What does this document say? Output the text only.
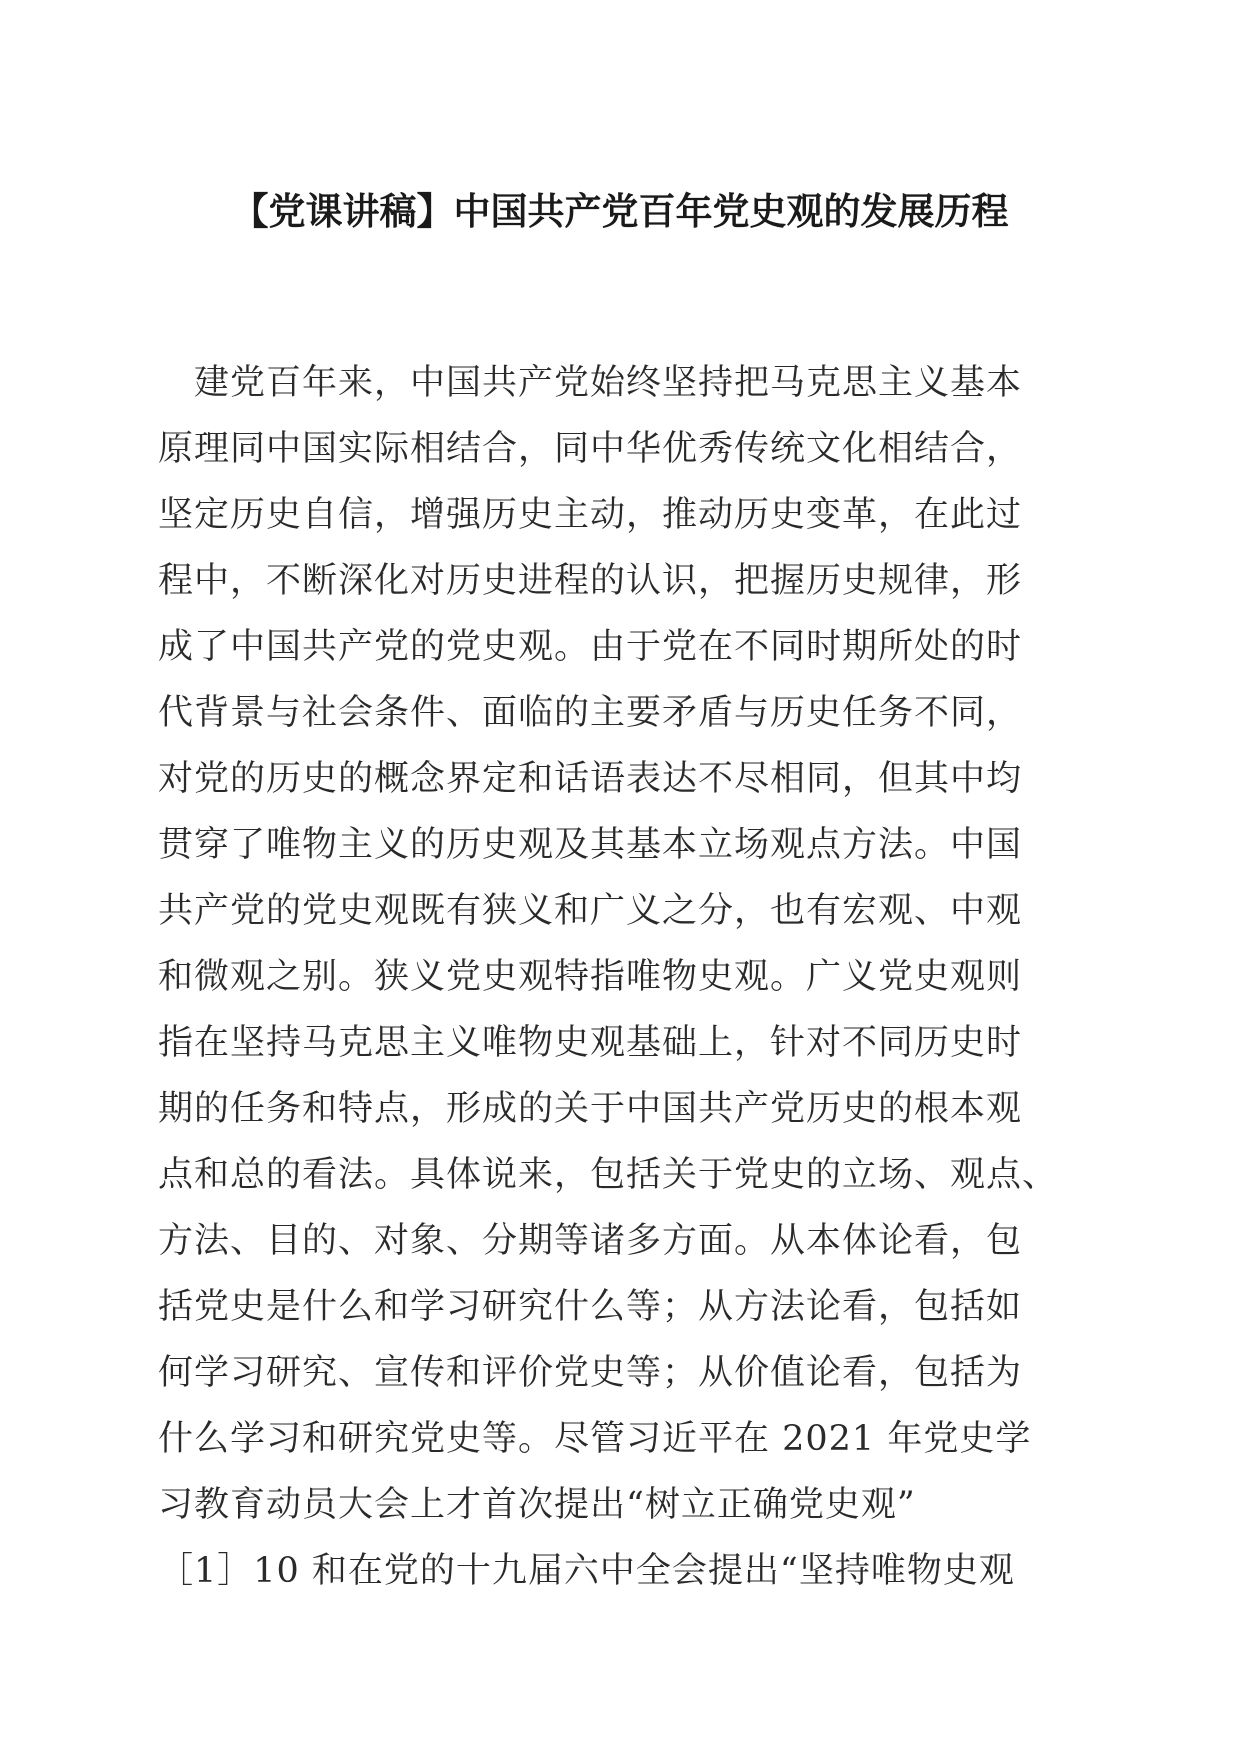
【党课讲稿】中国共产党百年党史观的发展历程
　建党百年来，中国共产党始终坚持把马克思主义基本
原理同中国实际相结合，同中华优秀传统文化相结合，
坚定历史自信，增强历史主动，推动历史变革，在此过
程中，不断深化对历史进程的认识，把握历史规律，形
成了中国共产党的党史观。由于党在不同时期所处的时
代背景与社会条件、面临的主要矛盾与历史任务不同，
对党的历史的概念界定和话语表达不尽相同，但其中均
贯穿了唯物主义的历史观及其基本立场观点方法。中国
共产党的党史观既有狭义和广义之分，也有宏观、中观
和微观之别。狭义党史观特指唯物史观。广义党史观则
指在坚持马克思主义唯物史观基础上，针对不同历史时
期的任务和特点，形成的关于中国共产党历史的根本观
点和总的看法。具体说来，包括关于党史的立场、观点、
方法、目的、对象、分期等诸多方面。从本体论看，包
括党史是什么和学习研究什么等；从方法论看，包括如
何学习研究、宣传和评价党史等；从价值论看，包括为
什么学习和研究党史等。尽管习近平在 2021 年党史学
习教育动员大会上才首次提出“树立正确党史观”
［1］10 和在党的十九届六中全会提出“坚持唯物史观
